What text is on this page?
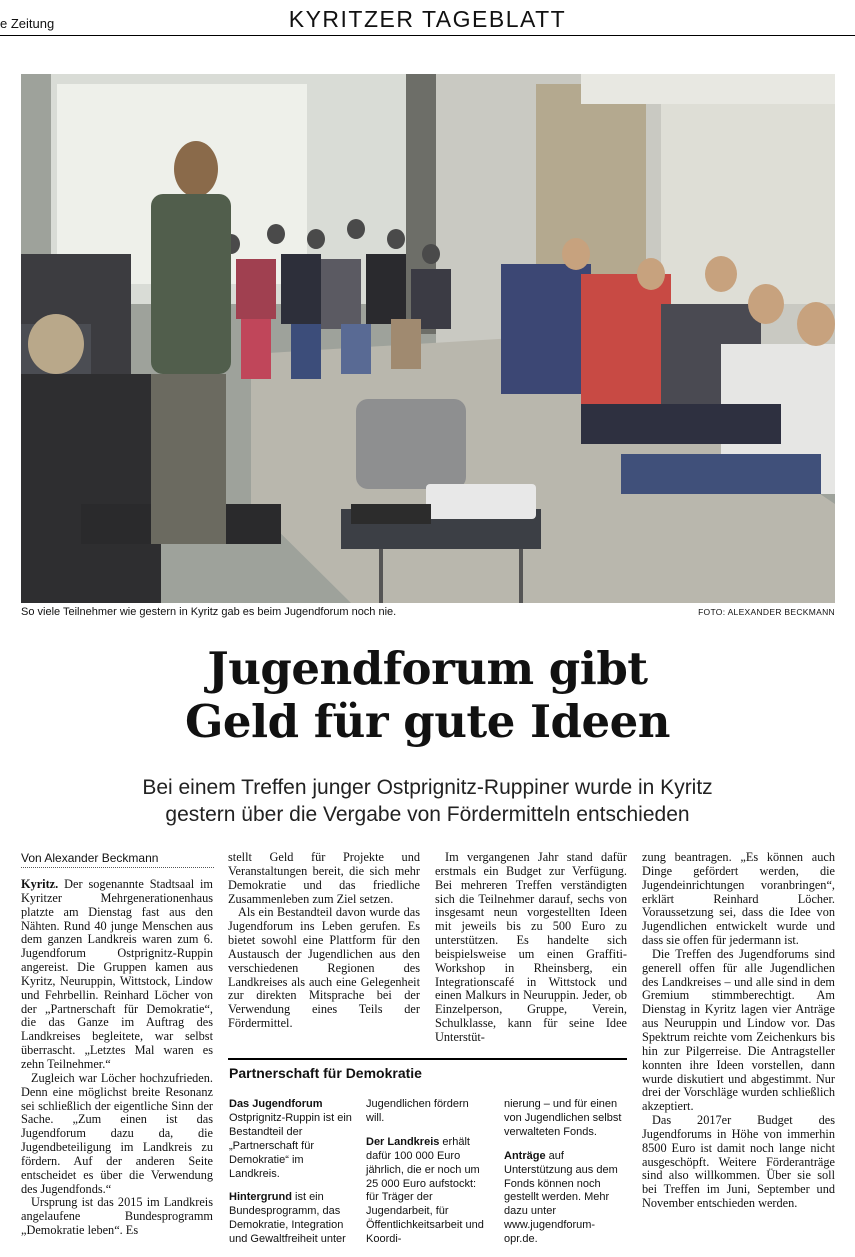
e Zeitung	KYRITZER TAGEBLATT
So viele Teilnehmer wie gestern in Kyritz gab es beim Jugendforum noch nie.	FOTO: ALEXANDER BECKMANN
Jugendforum gibt
Geld für gute Ideen
Bei einem Treffen junger Ostprignitz-Ruppiner wurde in Kyritz
gestern über die Vergabe von Fördermitteln entschieden
Von Alexander Beckmann

Kyritz. Der sogenannte Stadtsaal im Kyritzer Mehrgenerationenhaus platzte am Dienstag fast aus den Nähten. Rund 40 junge Menschen aus dem ganzen Landkreis waren zum 6. Jugendforum Ostprignitz-Ruppin angereist. Die Gruppen kamen aus Kyritz, Neuruppin, Wittstock, Lindow und Fehrbellin. Reinhard Löcher von der „Partnerschaft für Demokratie“, die das Ganze im Auftrag des Landkreises begleitete, war selbst überrascht. „Letztes Mal waren es zehn Teilnehmer.“

Zugleich war Löcher hochzufrieden. Denn eine möglichst breite Resonanz sei schließlich der eigentliche Sinn der Sache. „Zum einen ist das Jugendforum dazu da, die Jugendbeteiligung im Landkreis zu fördern. Auf der anderen Seite entscheidet es über die Verwendung des Jugendfonds.“

Ursprung ist das 2015 im Landkreis angelaufene Bundesprogramm „Demokratie leben“. Es

stellt Geld für Projekte und Veranstaltungen bereit, die sich mehr Demokratie und das friedliche Zusammenleben zum Ziel setzen.

Als ein Bestandteil davon wurde das Jugendforum ins Leben gerufen. Es bietet sowohl eine Plattform für den Austausch der Jugendlichen aus den verschiedenen Regionen des Landkreises als auch eine Gelegenheit zur direkten Mitsprache bei der Verwendung eines Teils der Fördermittel.

Im vergangenen Jahr stand dafür erstmals ein Budget zur Verfügung. Bei mehreren Treffen verständigten sich die Teilnehmer darauf, sechs von insgesamt neun vorgestellten Ideen mit jeweils bis zu 500 Euro zu unterstützen. Es handelte sich beispielsweise um einen Graffiti-Workshop in Rheinsberg, ein Integrationscafé in Wittstock und einen Malkurs in Neuruppin. Jeder, ob Einzelperson, Gruppe, Verein, Schulklasse, kann für seine Idee Unterstüt-

zung beantragen. „Es können auch Dinge gefördert werden, die Jugendeinrichtungen voranbringen“, erklärt Reinhard Löcher. Voraussetzung sei, dass die Idee von Jugendlichen entwickelt wurde und dass sie offen für jedermann ist.

Die Treffen des Jugendforums sind generell offen für alle Jugendlichen des Landkreises – und alle sind in dem Gremium stimmberechtigt. Am Dienstag in Kyritz lagen vier Anträge aus Neuruppin und Lindow vor. Das Spektrum reichte vom Zeichenkurs bis hin zur Pilgerreise. Die Antragsteller konnten ihre Ideen vorstellen, dann wurde diskutiert und abgestimmt. Nur drei der Vorschläge wurden schließlich akzeptiert.

Das 2017er Budget des Jugendforums in Höhe von immerhin 8500 Euro ist damit noch lange nicht ausgeschöpft. Weitere Förderanträge sind also willkommen. Über sie soll bei Treffen im Juni, September und November entschieden werden.

Partnerschaft für Demokratie

Das Jugendforum Ostprignitz-Ruppin ist ein Bestandteil der „Partnerschaft für Demokratie“ im Landkreis.

Hintergrund ist ein Bundesprogramm, das Demokratie, Integration und Gewaltfreiheit unter

Jugendlichen fördern will.

Der Landkreis erhält dafür 100 000 Euro jährlich, die er noch um 25 000 Euro aufstockt: für Träger der Jugendarbeit, für Öffentlichkeitsarbeit und Koordi-

nierung – und für einen von Jugendlichen selbst verwalteten Fonds.

Anträge auf Unterstützung aus dem Fonds können noch gestellt werden. Mehr dazu unter www.jugendforum-opr.de.
